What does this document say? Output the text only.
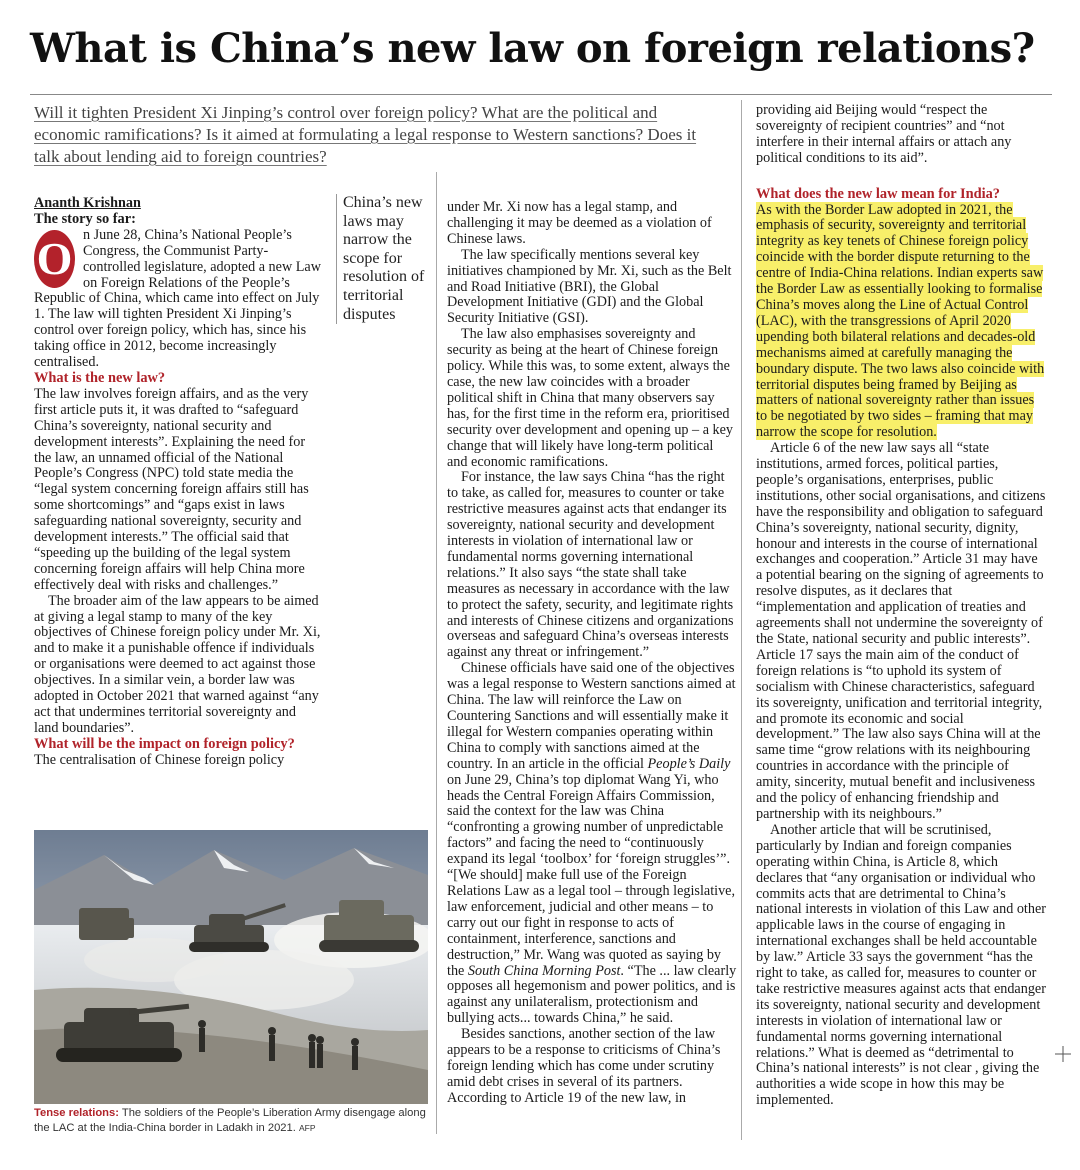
What is China’s new law on foreign relations?

Will it tighten President Xi Jinping’s control over foreign policy? What are the political and economic ramifications? Is it aimed at formulating a legal response to Western sanctions? Does it talk about lending aid to foreign countries?

Ananth Krishnan

The story so far:

O n June 28, China’s National People’s Congress, the Communist Party-controlled legislature, adopted a new Law on Foreign Relations of the People’s Republic of China, which came into effect on July 1. The law will tighten President Xi Jinping’s control over foreign policy, which has, since his taking office in 2012, become increasingly centralised.

What is the new law?

The law involves foreign affairs, and as the very first article puts it, it was drafted to “safeguard China’s sovereignty, national security and development interests”. Explaining the need for the law, an unnamed official of the National People’s Congress (NPC) told state media the “legal system concerning foreign affairs still has some shortcomings” and “gaps exist in laws safeguarding national sovereignty, security and development interests.” The official said that “speeding up the building of the legal system concerning foreign affairs will help China more effectively deal with risks and challenges.”

The broader aim of the law appears to be aimed at giving a legal stamp to many of the key objectives of Chinese foreign policy under Mr. Xi, and to make it a punishable offence if individuals or organisations were deemed to act against those objectives. In a similar vein, a border law was adopted in October 2021 that warned against “any act that undermines territorial sovereignty and land boundaries”.

What will be the impact on foreign policy?

The centralisation of Chinese foreign policy

China’s new laws may narrow the scope for resolution of territorial disputes

Tense relations: The soldiers of the People’s Liberation Army disengage along the LAC at the India-China border in Ladakh in 2021. AFP

under Mr. Xi now has a legal stamp, and challenging it may be deemed as a violation of Chinese laws.

The law specifically mentions several key initiatives championed by Mr. Xi, such as the Belt and Road Initiative (BRI), the Global Development Initiative (GDI) and the Global Security Initiative (GSI).

The law also emphasises sovereignty and security as being at the heart of Chinese foreign policy. While this was, to some extent, always the case, the new law coincides with a broader political shift in China that many observers say has, for the first time in the reform era, prioritised security over development and opening up – a key change that will likely have long-term political and economic ramifications.

For instance, the law says China “has the right to take, as called for, measures to counter or take restrictive measures against acts that endanger its sovereignty, national security and development interests in violation of international law or fundamental norms governing international relations.” It also says “the state shall take measures as necessary in accordance with the law to protect the safety, security, and legitimate rights and interests of Chinese citizens and organizations overseas and safeguard China’s overseas interests against any threat or infringement.”

Chinese officials have said one of the objectives was a legal response to Western sanctions aimed at China. The law will reinforce the Law on Countering Sanctions and will essentially make it illegal for Western companies operating within China to comply with sanctions aimed at the country. In an article in the official People’s Daily on June 29, China’s top diplomat Wang Yi, who heads the Central Foreign Affairs Commission, said the context for the law was China “confronting a growing number of unpredictable factors” and facing the need to “continuously expand its legal ‘toolbox’ for ‘foreign struggles’”. “[We should] make full use of the Foreign Relations Law as a legal tool – through legislative, law enforcement, judicial and other means – to carry out our fight in response to acts of containment, interference, sanctions and destruction,” Mr. Wang was quoted as saying by the South China Morning Post. “The ... law clearly opposes all hegemonism and power politics, and is against any unilateralism, protectionism and bullying acts... towards China,” he said.

Besides sanctions, another section of the law appears to be a response to criticisms of China’s foreign lending which has come under scrutiny amid debt crises in several of its partners. According to Article 19 of the new law, in

providing aid Beijing would “respect the sovereignty of recipient countries” and “not interfere in their internal affairs or attach any political conditions to its aid”.

What does the new law mean for India?

As with the Border Law adopted in 2021, the emphasis of security, sovereignty and territorial integrity as key tenets of Chinese foreign policy coincide with the border dispute returning to the centre of India-China relations. Indian experts saw the Border Law as essentially looking to formalise China’s moves along the Line of Actual Control (LAC), with the transgressions of April 2020 upending both bilateral relations and decades-old mechanisms aimed at carefully managing the boundary dispute. The two laws also coincide with territorial disputes being framed by Beijing as matters of national sovereignty rather than issues to be negotiated by two sides – framing that may narrow the scope for resolution.

Article 6 of the new law says all “state institutions, armed forces, political parties, people’s organisations, enterprises, public institutions, other social organisations, and citizens have the responsibility and obligation to safeguard China’s sovereignty, national security, dignity, honour and interests in the course of international exchanges and cooperation.” Article 31 may have a potential bearing on the signing of agreements to resolve disputes, as it declares that “implementation and application of treaties and agreements shall not undermine the sovereignty of the State, national security and public interests”. Article 17 says the main aim of the conduct of foreign relations is “to uphold its system of socialism with Chinese characteristics, safeguard its sovereignty, unification and territorial integrity, and promote its economic and social development.” The law also says China will at the same time “grow relations with its neighbouring countries in accordance with the principle of amity, sincerity, mutual benefit and inclusiveness and the policy of enhancing friendship and partnership with its neighbours.”

Another article that will be scrutinised, particularly by Indian and foreign companies operating within China, is Article 8, which declares that “any organisation or individual who commits acts that are detrimental to China’s national interests in violation of this Law and other applicable laws in the course of engaging in international exchanges shall be held accountable by law.” Article 33 says the government “has the right to take, as called for, measures to counter or take restrictive measures against acts that endanger its sovereignty, national security and development interests in violation of international law or fundamental norms governing international relations.” What is deemed as “detrimental to China’s national interests” is not clear , giving the authorities a wide scope in how this may be implemented.
